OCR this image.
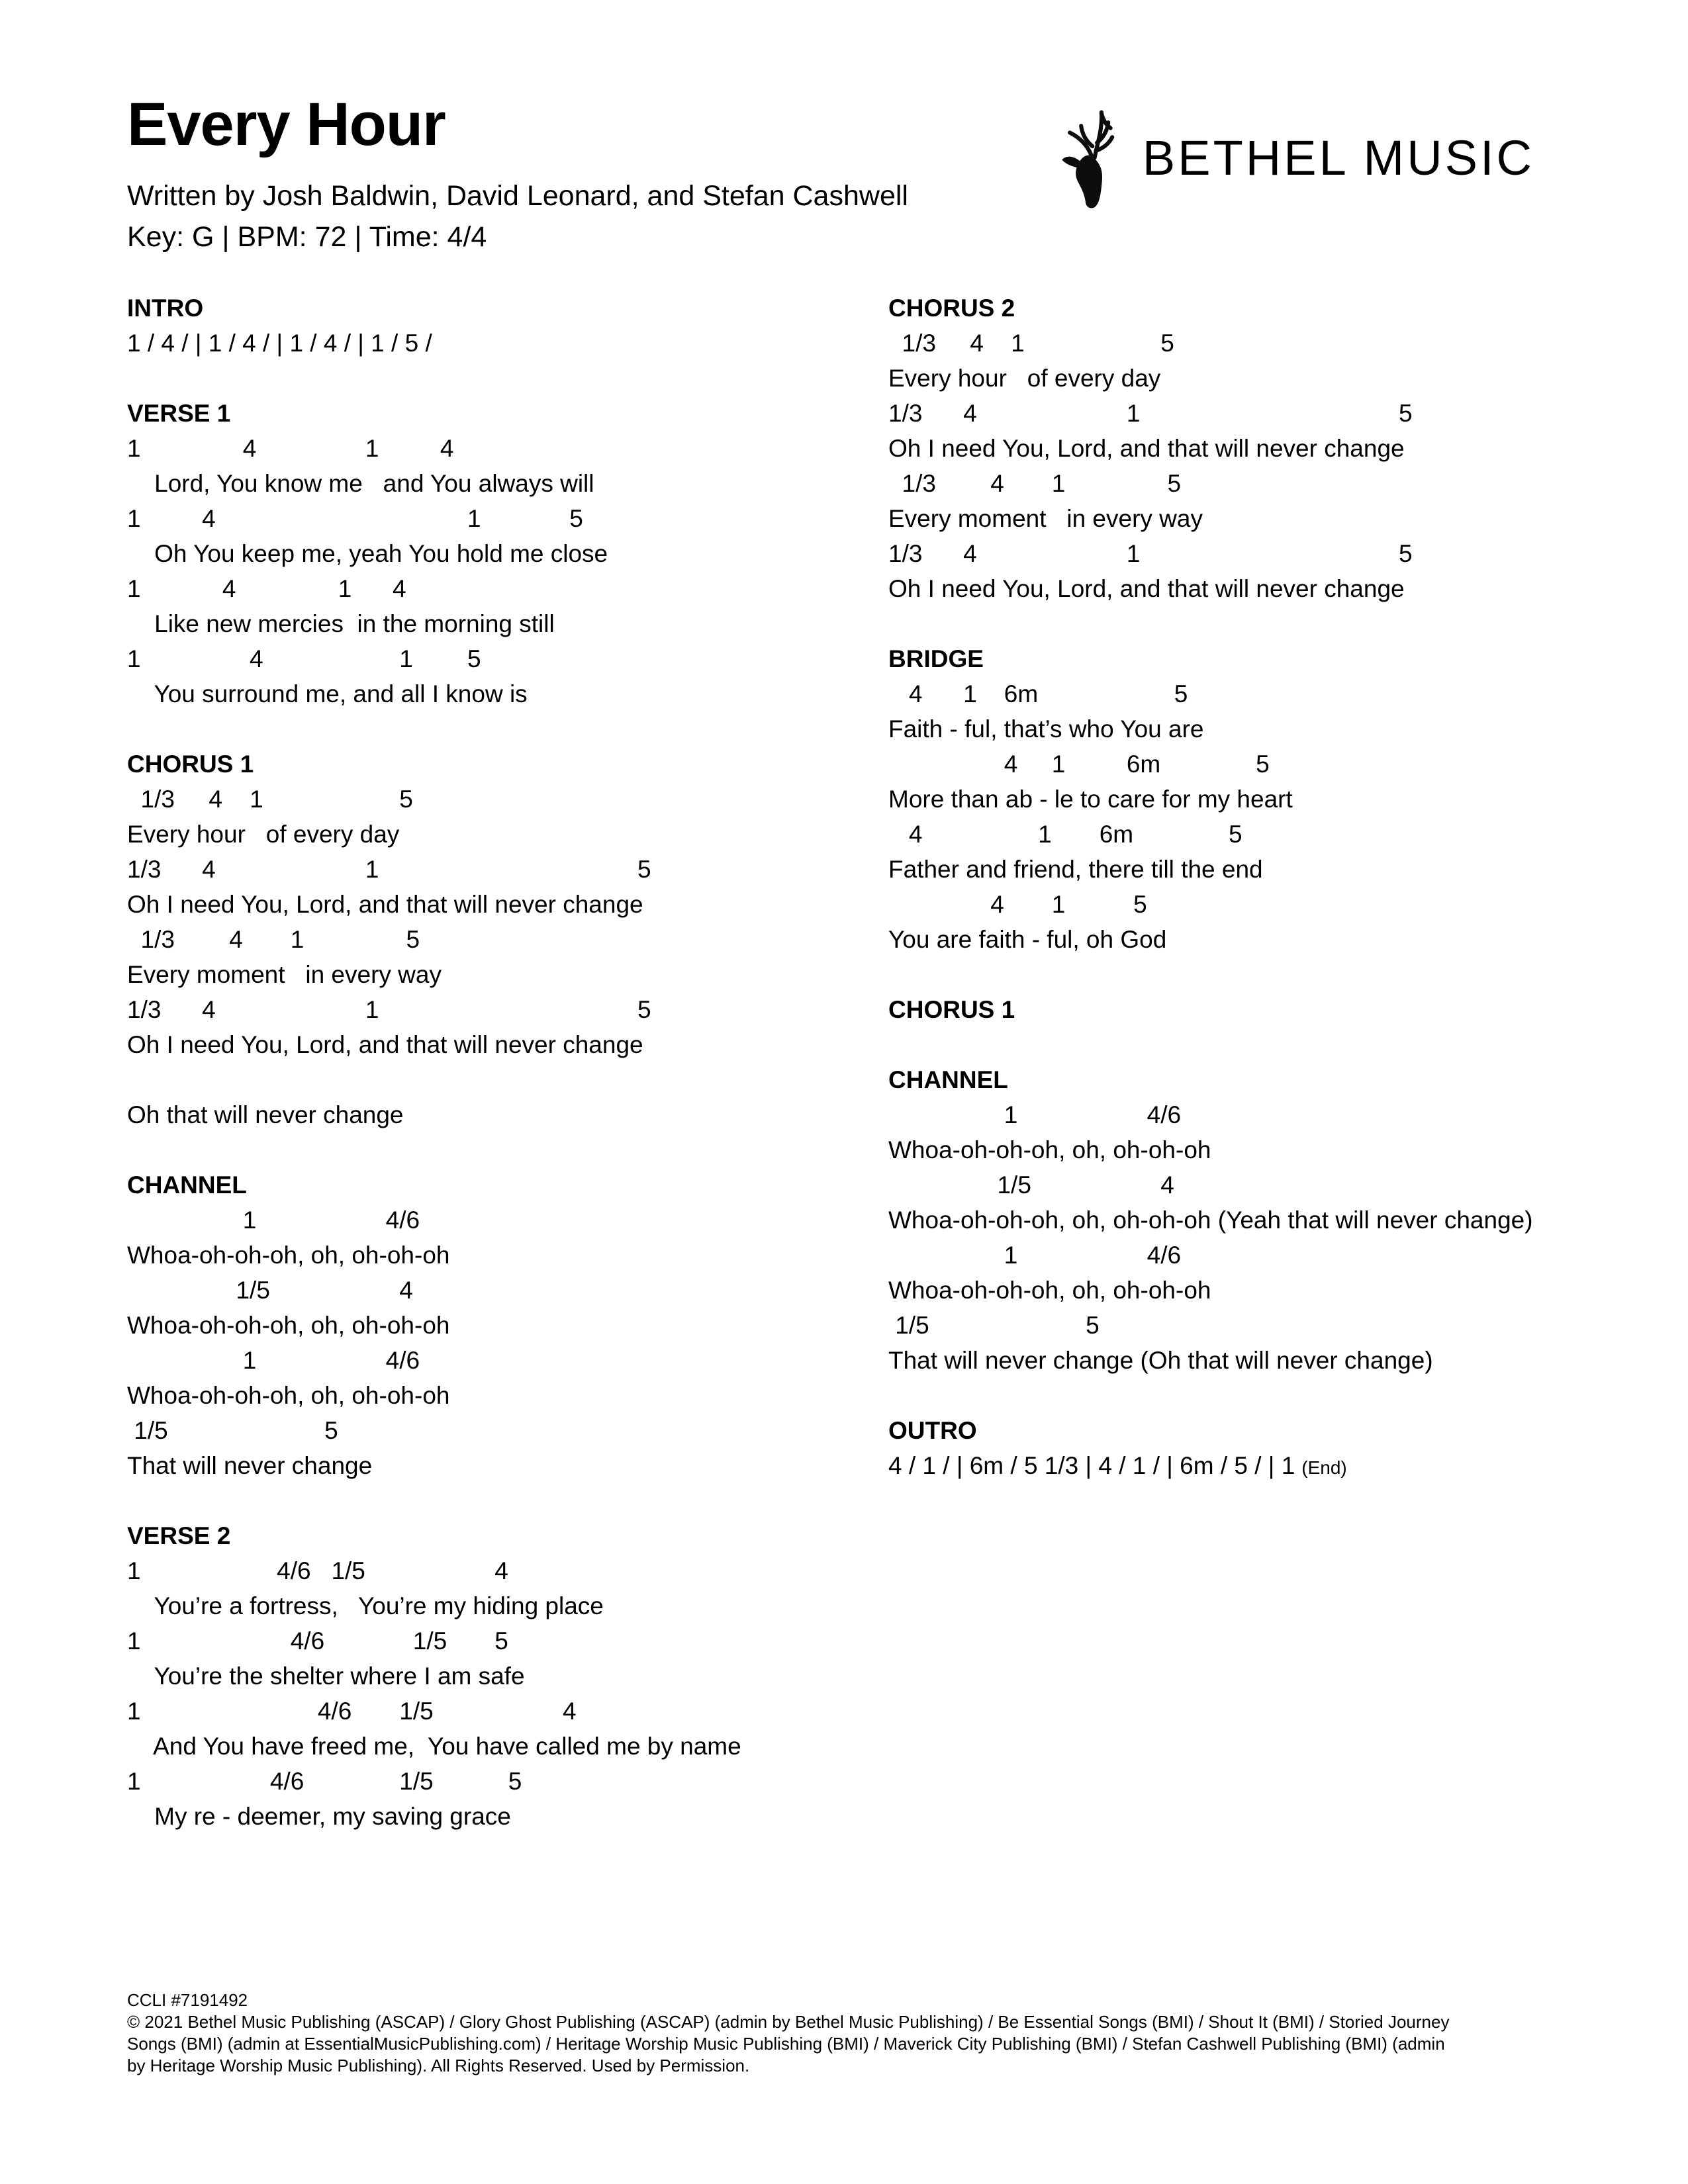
Every Hour
Written by Josh Baldwin, David Leonard, and Stefan Cashwell
Key: G | BPM: 72 | Time: 4/4
BETHEL MUSIC
INTRO
1 / 4 / | 1 / 4 / | 1 / 4 / | 1 / 5 /
VERSE 1
1               4                1         4
Lord, You know me   and You always will
1         4                                     1             5
Oh You keep me, yeah You hold me close
1            4               1      4
Like new mercies  in the morning still
1                4                    1        5
You surround me, and all I know is
CHORUS 1
1/3     4    1                    5
Every hour   of every day
1/3      4                      1                                      5
Oh I need You, Lord, and that will never change
1/3        4       1               5
Every moment   in every way
1/3      4                      1                                      5
Oh I need You, Lord, and that will never change
Oh that will never change
CHANNEL
1                   4/6
Whoa-oh-oh-oh, oh, oh-oh-oh
1/5                   4
Whoa-oh-oh-oh, oh, oh-oh-oh
1                   4/6
Whoa-oh-oh-oh, oh, oh-oh-oh
1/5                       5
That will never change
VERSE 2
1                    4/6   1/5                   4
You’re a fortress,   You’re my hiding place
1                      4/6             1/5       5
You’re the shelter where I am safe
1                          4/6       1/5                   4
And You have freed me,  You have called me by name
1                   4/6              1/5           5
My re - deemer, my saving grace
CHORUS 2
1/3     4    1                    5
Every hour   of every day
1/3      4                      1                                      5
Oh I need You, Lord, and that will never change
1/3        4       1               5
Every moment   in every way
1/3      4                      1                                      5
Oh I need You, Lord, and that will never change
BRIDGE
4      1    6m                    5
Faith - ful, that’s who You are
4     1         6m              5
More than ab - le to care for my heart
4                 1       6m              5
Father and friend, there till the end
4       1          5
You are faith - ful, oh God
CHORUS 1
CHANNEL
1                   4/6
Whoa-oh-oh-oh, oh, oh-oh-oh
1/5                   4
Whoa-oh-oh-oh, oh, oh-oh-oh (Yeah that will never change)
1                   4/6
Whoa-oh-oh-oh, oh, oh-oh-oh
1/5                       5
That will never change (Oh that will never change)
OUTRO
4 / 1 / | 6m / 5 1/3 | 4 / 1 / | 6m / 5 / | 1 (End)
CCLI #7191492
© 2021 Bethel Music Publishing (ASCAP) / Glory Ghost Publishing (ASCAP) (admin by Bethel Music Publishing) / Be Essential Songs (BMI) / Shout It (BMI) / Storied Journey
Songs (BMI) (admin at EssentialMusicPublishing.com) / Heritage Worship Music Publishing (BMI) / Maverick City Publishing (BMI) / Stefan Cashwell Publishing (BMI) (admin
by Heritage Worship Music Publishing). All Rights Reserved. Used by Permission.
